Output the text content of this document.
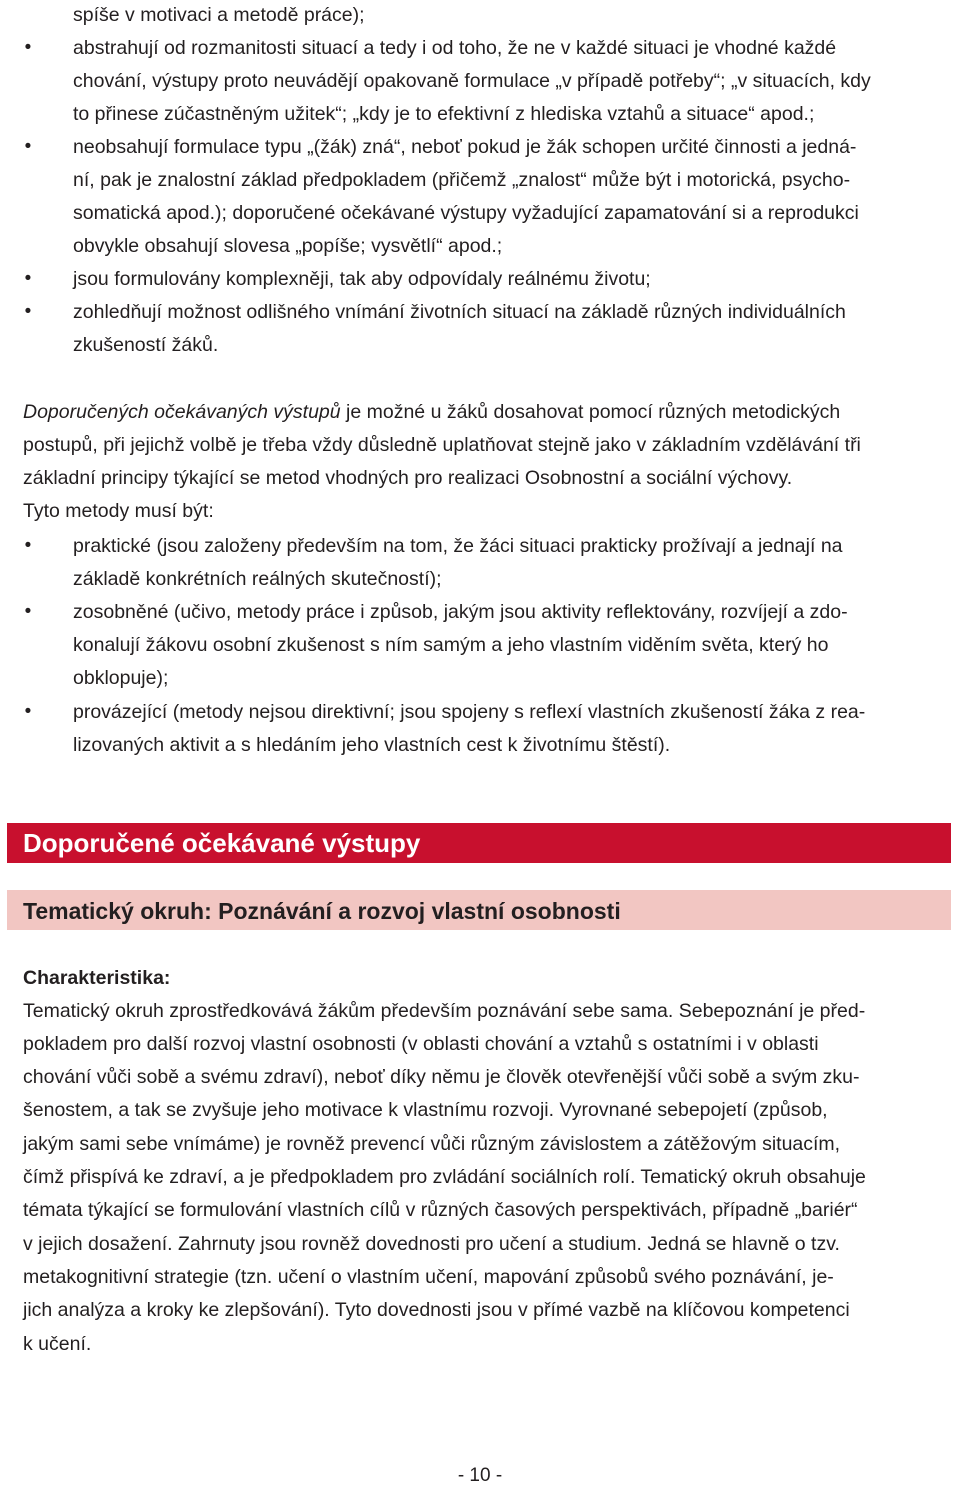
spíše v motivaci a metodě práce);
• abstrahují od rozmanitosti situací a tedy i od toho, že ne v každé situaci je vhodné každé
chování, výstupy proto neuvádějí opakovaně formulace „v případě potřeby“; „v situacích, kdy
to přinese zúčastněným užitek“; „kdy je to efektivní z hlediska vztahů a situace“ apod.;
• neobsahují formulace typu „(žák) zná“, neboť pokud je žák schopen určité činnosti a jedná-
ní, pak je znalostní základ předpokladem (přičemž „znalost“ může být i motorická, psycho-
somatická apod.); doporučené očekávané výstupy vyžadující zapamatování si a reprodukci
obvykle obsahují slovesa „popíše; vysvětlí“ apod.;
• jsou formulovány komplexněji, tak aby odpovídaly reálnému životu;
• zohledňují možnost odlišného vnímání životních situací na základě různých individuálních
zkušeností žáků.
Doporučených očekávaných výstupů je možné u žáků dosahovat pomocí různých metodických
postupů, při jejichž volbě je třeba vždy důsledně uplatňovat stejně jako v základním vzdělávání tři
základní principy týkající se metod vhodných pro realizaci Osobnostní a sociální výchovy.
Tyto metody musí být:
• praktické (jsou založeny především na tom, že žáci situaci prakticky prožívají a jednají na
základě konkrétních reálných skutečností);
• zosobněné (učivo, metody práce i způsob, jakým jsou aktivity reflektovány, rozvíjejí a zdo-
konalují žákovu osobní zkušenost s ním samým a jeho vlastním viděním světa, který ho
obklopuje);
• provázející (metody nejsou direktivní; jsou spojeny s reflexí vlastních zkušeností žáka z rea-
lizovaných aktivit a s hledáním jeho vlastních cest k životnímu štěstí).
Doporučené očekávané výstupy
Tematický okruh: Poznávání a rozvoj vlastní osobnosti
Charakteristika:
Tematický okruh zprostředkovává žákům především poznávání sebe sama. Sebepoznání je před-
pokladem pro další rozvoj vlastní osobnosti (v oblasti chování a vztahů s ostatními i v oblasti
chování vůči sobě a svému zdraví), neboť díky němu je člověk otevřenější vůči sobě a svým zku-
šenostem, a tak se zvyšuje jeho motivace k vlastnímu rozvoji. Vyrovnané sebepojetí (způsob,
jakým sami sebe vnímáme) je rovněž prevencí vůči různým závislostem a zátěžovým situacím,
čímž přispívá ke zdraví, a je předpokladem pro zvládání sociálních rolí. Tematický okruh obsahuje
témata týkající se formulování vlastních cílů v různých časových perspektivách, případně „bariér“
v jejich dosažení. Zahrnuty jsou rovněž dovednosti pro učení a studium. Jedná se hlavně o tzv.
metakognitivní strategie (tzn. učení o vlastním učení, mapování způsobů svého poznávání, je-
jich analýza a kroky ke zlepšování). Tyto dovednosti jsou v přímé vazbě na klíčovou kompetenci
k učení.
- 10 -
